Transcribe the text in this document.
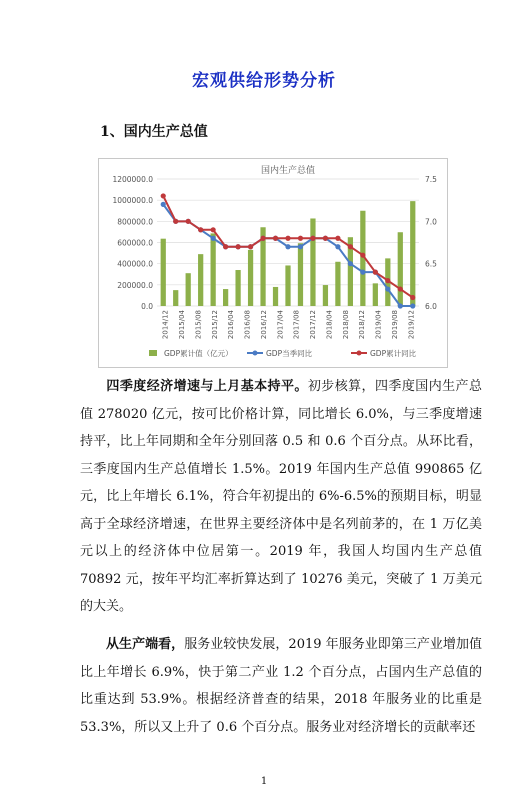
宏观供给形势分析
1、国内生产总值
国内生产总值
0.0
200000.0
400000.0
600000.0
800000.0
1000000.0
1200000.0
6.0
6.5
7.0
7.5
2014/12 2015/04 2015/08 2015/12 2016/04 2016/08 2016/12 2017/04 2017/08 2017/12 2018/04 2018/08 2018/12 2019/04 2019/08 2019/12
GDP累计值（亿元）	GDP当季同比	GDP累计同比
四季度经济增速与上月基本持平。初步核算，四季度国内生产总值 278020 亿元，按可比价格计算，同比增长 6.0%，与三季度增速持平，比上年同期和全年分别回落 0.5 和 0.6 个百分点。从环比看，三季度国内生产总值增长 1.5%。2019 年国内生产总值 990865 亿元，比上年增长 6.1%，符合年初提出的 6%-6.5%的预期目标，明显高于全球经济增速，在世界主要经济体中是名列前茅的，在 1 万亿美元以上的经济体中位居第一。2019 年，我国人均国内生产总值 70892 元，按年平均汇率折算达到了 10276 美元，突破了 1 万美元的大关。
从生产端看，服务业较快发展，2019 年服务业即第三产业增加值比上年增长 6.9%，快于第二产业 1.2 个百分点，占国内生产总值的比重达到 53.9%。根据经济普查的结果，2018 年服务业的比重是 53.3%，所以又上升了 0.6 个百分点。服务业对经济增长的贡献率还
1
